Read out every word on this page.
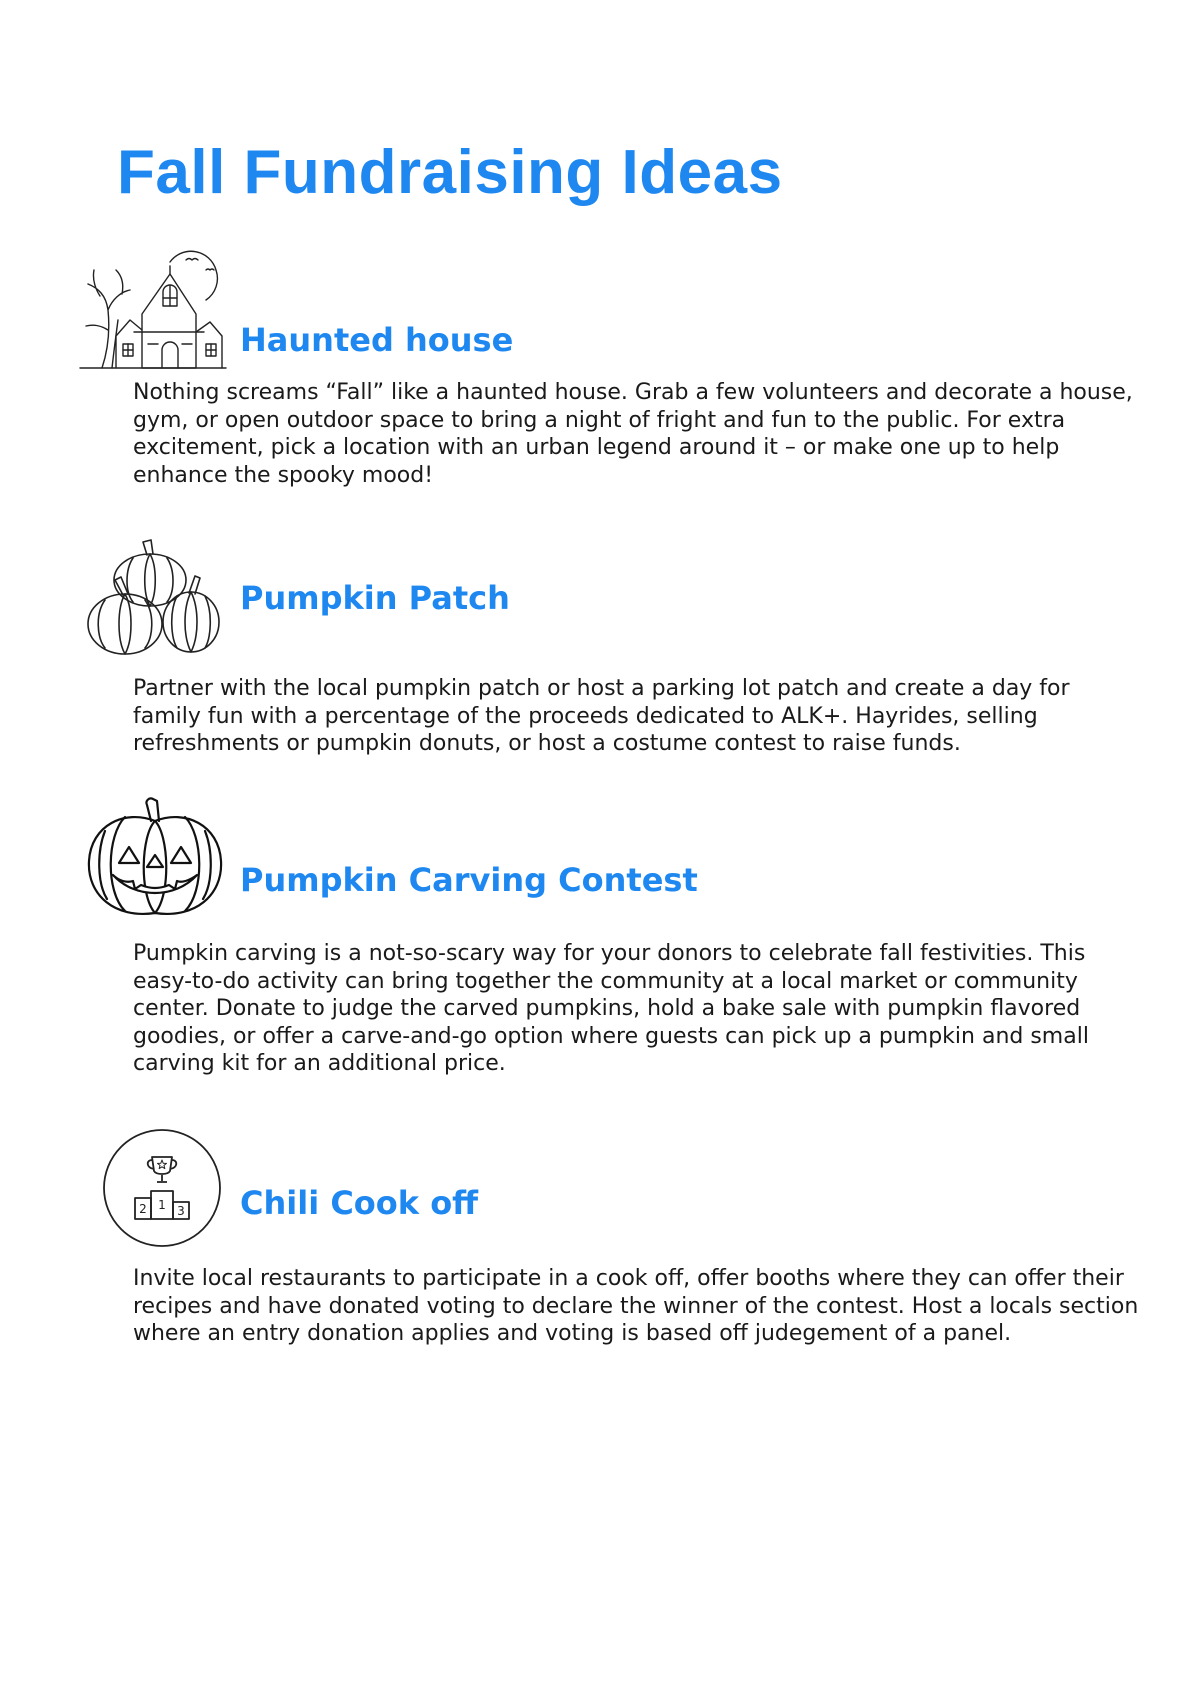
Fall Fundraising Ideas
Haunted house

Nothing screams “Fall” like a haunted house. Grab a few volunteers and decorate a house, gym, or open outdoor space to bring a night of fright and fun to the public. For extra excitement, pick a location with an urban legend around it – or make one up to help enhance the spooky mood!

Pumpkin Patch

Partner with the local pumpkin patch or host a parking lot patch and create a day for family fun with a percentage of the proceeds dedicated to ALK+. Hayrides, selling refreshments or pumpkin donuts, or host a costume contest to raise funds.

Pumpkin Carving Contest

Pumpkin carving is a not-so-scary way for your donors to celebrate fall festivities. This easy-to-do activity can bring together the community at a local market or community center. Donate to judge the carved pumpkins, hold a bake sale with pumpkin flavored goodies, or offer a carve-and-go option where guests can pick up a pumpkin and small carving kit for an additional price.

1
2	3 Chili Cook off

Invite local restaurants to participate in a cook off, offer booths where they can offer their recipes and have donated voting to declare the winner of the contest. Host a locals section where an entry donation applies and voting is based off judegement of a panel.
